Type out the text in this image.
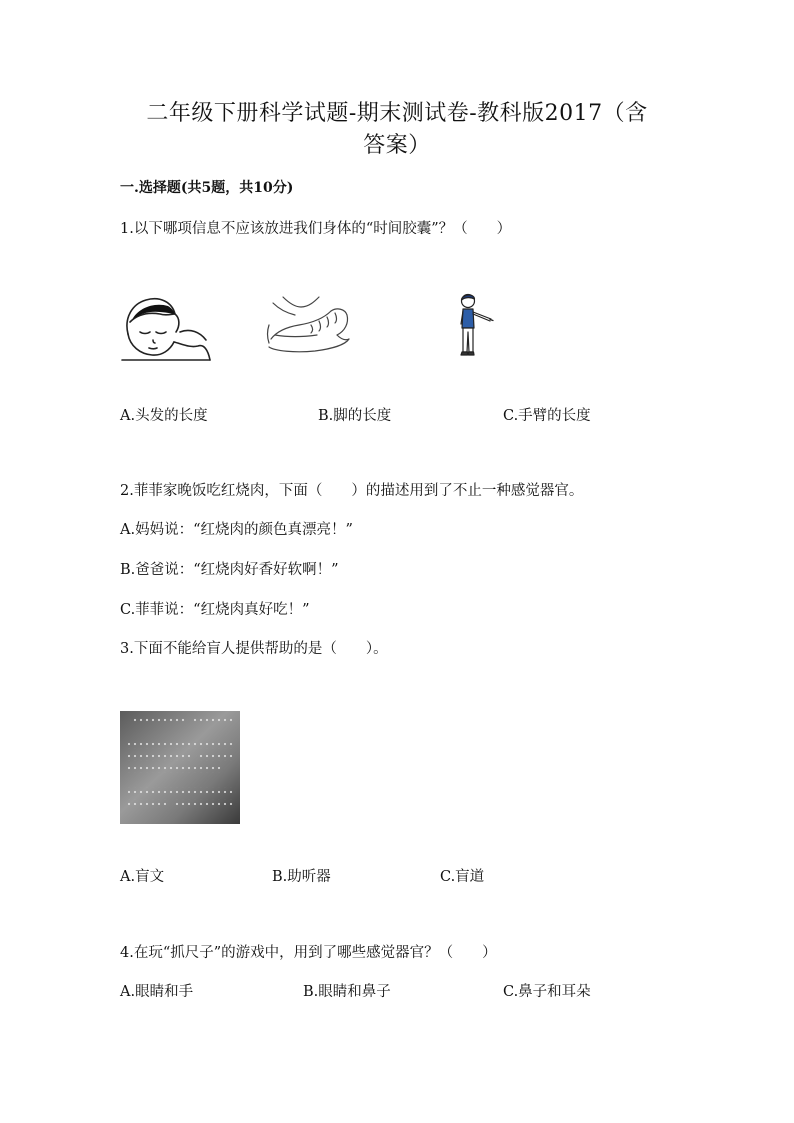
二年级下册科学试题-期末测试卷-教科版2017（含
答案）
一.选择题(共5题，共10分)
1.以下哪项信息不应该放进我们身体的“时间胶囊”？（　　）
A.头发的长度	B.脚的长度	C.手臂的长度
2.菲菲家晚饭吃红烧肉，下面（　　）的描述用到了不止一种感觉器官。
A.妈妈说：“红烧肉的颜色真漂亮！”
B.爸爸说：“红烧肉好香好软啊！”
C.菲菲说：“红烧肉真好吃！”
3.下面不能给盲人提供帮助的是（　　）。
A.盲文	B.助听器	C.盲道
4.在玩“抓尺子”的游戏中，用到了哪些感觉器官？（　　）
A.眼睛和手	B.眼睛和鼻子	C.鼻子和耳朵
